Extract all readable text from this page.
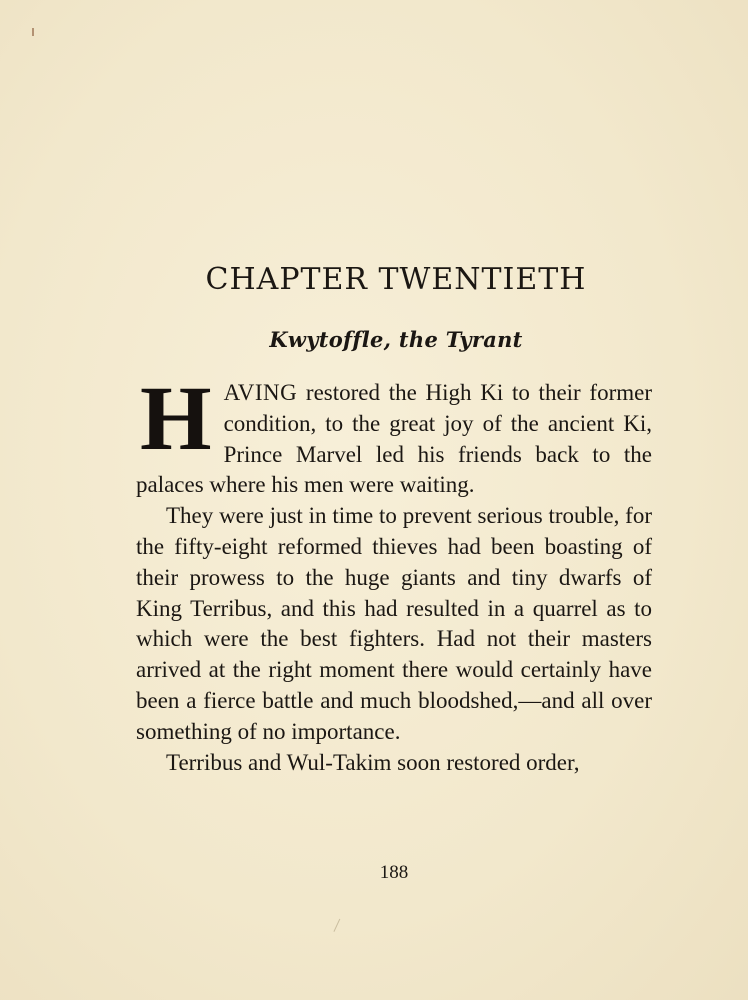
CHAPTER TWENTIETH
Kwytoffle, the Tyrant

HAVING restored the High Ki to their former condition, to the great joy of the ancient Ki, Prince Marvel led his friends back to the palaces where his men were waiting.

They were just in time to prevent serious trouble, for the fifty-eight reformed thieves had been boasting of their prowess to the huge giants and tiny dwarfs of King Terribus, and this had resulted in a quarrel as to which were the best fighters. Had not their masters arrived at the right moment there would certainly have been a fierce battle and much bloodshed,—and all over something of no importance.

Terribus and Wul-Takim soon restored order,

188
